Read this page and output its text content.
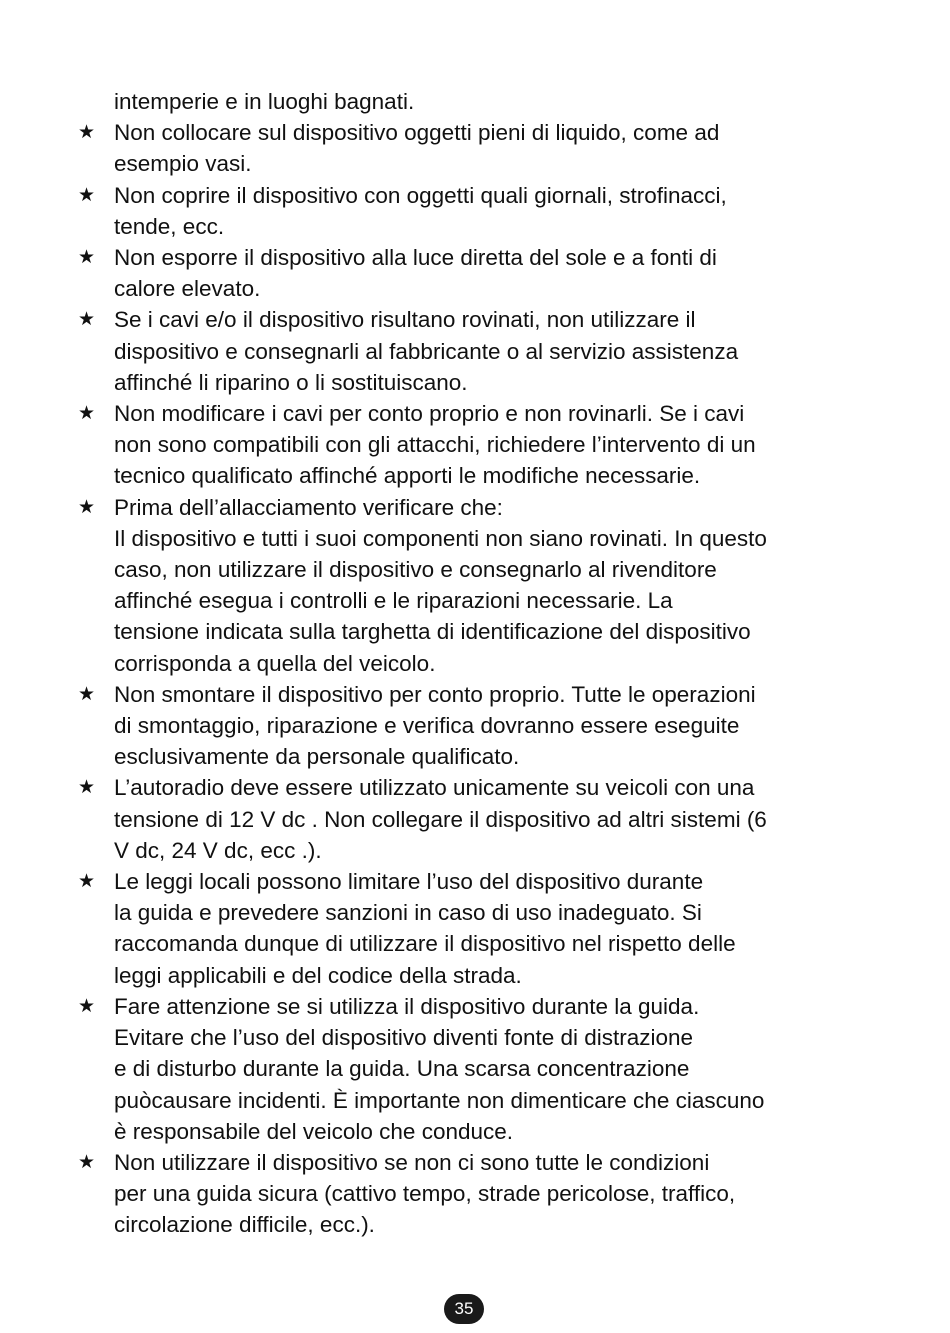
intemperie e in luoghi bagnati.
★ Non collocare sul dispositivo oggetti pieni di liquido, come ad
esempio vasi.
★ Non coprire il dispositivo con oggetti quali giornali, strofinacci,
tende, ecc.
★ Non esporre il dispositivo alla luce diretta del sole e a fonti di
calore elevato.
★ Se i cavi e/o il dispositivo risultano rovinati, non utilizzare il
dispositivo e consegnarli al fabbricante o al servizio assistenza
affinché li riparino o li sostituiscano.
★ Non modificare i cavi per conto proprio e non rovinarli. Se i cavi
non sono compatibili con gli attacchi, richiedere l’intervento di un
tecnico qualificato affinché apporti le modifiche necessarie.
★ Prima dell’allacciamento verificare che:
Il dispositivo e tutti i suoi componenti non siano rovinati. In questo
caso, non utilizzare il dispositivo e consegnarlo al rivenditore
affinché esegua i controlli e le riparazioni necessarie. La
tensione indicata sulla targhetta di identificazione del dispositivo
corrisponda a quella del veicolo.
★ Non smontare il dispositivo per conto proprio. Tutte le operazioni
di smontaggio, riparazione e verifica dovranno essere eseguite
esclusivamente da personale qualificato.
★ L’autoradio deve essere utilizzato unicamente su veicoli con una
tensione di 12 V dc . Non collegare il dispositivo ad altri sistemi (6
V dc, 24 V dc, ecc .).
★ Le leggi locali possono limitare l’uso del dispositivo durante
la guida e prevedere sanzioni in caso di uso inadeguato. Si
raccomanda dunque di utilizzare il dispositivo nel rispetto delle
leggi applicabili e del codice della strada.
★ Fare attenzione se si utilizza il dispositivo durante la guida.
Evitare che l’uso del dispositivo diventi fonte di distrazione
e di disturbo durante la guida. Una scarsa concentrazione
puòcausare incidenti. È importante non dimenticare che ciascuno
è responsabile del veicolo che conduce.
★ Non utilizzare il dispositivo se non ci sono tutte le condizioni
per una guida sicura (cattivo tempo, strade pericolose, traffico,
circolazione difficile, ecc.).
35
